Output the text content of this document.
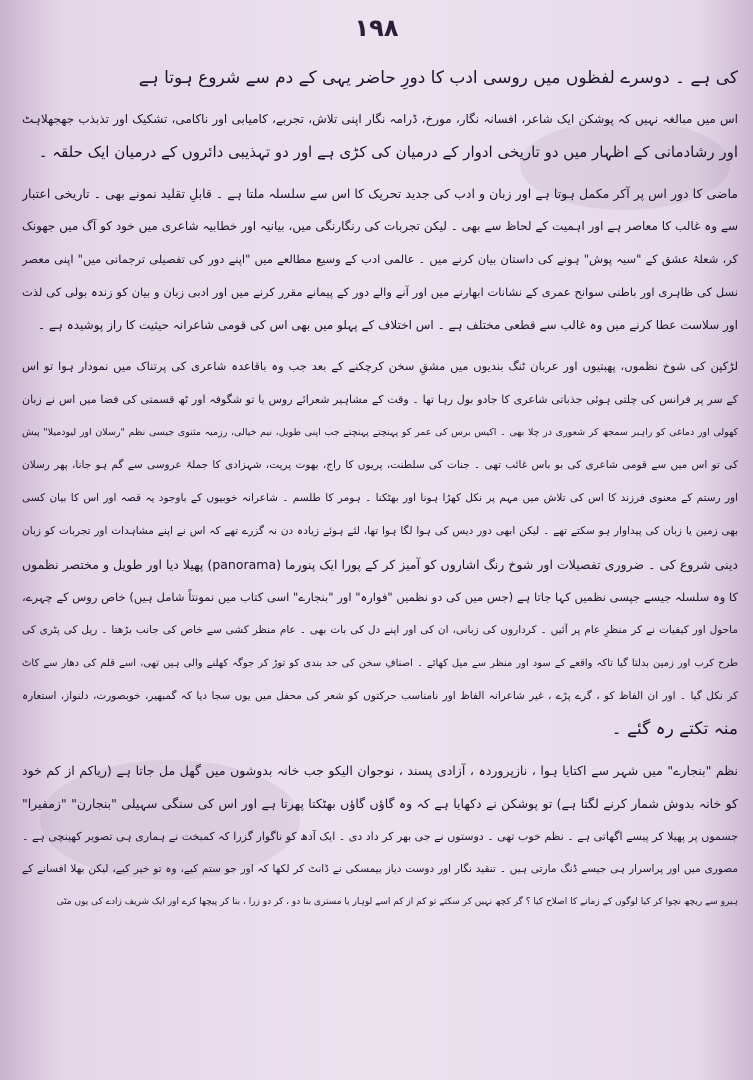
۱۹۸
کی ہے ۔ دوسرے لفظوں میں روسی ادب کا دورِ حاضر یہی کے دم سے شروع ہوتا ہے
اس میں مبالغہ نہیں کہ پوشکن ایک شاعر، افسانہ نگار، مورخ، ڈرامہ نگار اپنی تلاش، تجربے، کامیابی اور ناکامی، تشکیک اور تذبذب جھجھلاہٹ
اور رشادمانی کے اظہار میں دو تاریخی ادوار کے درمیان کی کڑی ہے اور دو تہذیبی دائروں کے درمیان ایک حلقہ ۔
ماضی کا دور اس پر آکر مکمل ہوتا ہے اور زبان و ادب کی جدید تحریک کا اس سے سلسلہ ملتا ہے ۔ قابلِ تقلید نمونے بھی ۔ تاریخی اعتبار
سے وہ غالب کا معاصر ہے اور اہمیت کے لحاظ سے بھی ۔ لیکن تجربات کی رنگارنگی میں، بیانیہ اور خطابیہ شاعری میں خود کو آگ میں جھونک
کر، شعلۂ عشق کے "سیہ پوش" ہونے کی داستان بیان کرنے میں ۔ عالمی ادب کے وسیع مطالعے میں "اپنے دور کی تفصیلی ترجمانی میں" اپنی معصر
نسل کی ظاہری اور باطنی سوانح عمری کے نشانات ابھارنے میں اور آنے والے دور کے پیمانے مقرر کرنے میں اور ادبی زبان و بیان کو زندہ بولی کی لذت
اور سلاست عطا کرنے میں وہ غالب سے قطعی مختلف ہے ۔ اس اختلاف کے پہلو میں بھی اس کی قومی شاعرانہ حیثیت کا راز پوشیدہ ہے ۔
لڑکپن کی شوخ نظموں، پھبتیوں اور عربان ٹنگ بندیوں میں مشقِ سخن کرچکنے کے بعد جب وہ باقاعدہ شاعری کی پرتناک میں نمودار ہوا تو اس
کے سر پر فرانس کی چلتی ہوئی جذباتی شاعری کا جادو بول رہا تھا ۔ وقت کے مشاہیر شعرائے روس یا تو شگوفہ اور ٹھ قسمتی کی فضا میں اس نے زبان
کھولی اور دماغی کو راہبر سمجھ کر شعوری در چلا بھی ۔ اکیس برس کی عمر کو پہنچتے پہنچتے جب اپنی طویل، نیم خیالی، رزمیہ مثنوی جیسی نظم "رسلان اور لیودمیلا" پیش
کی تو اس میں سے قومی شاعری کی بو باس غائب تھی ۔ جنات کی سلطنت، پریوں کا راج، بھوت پریت، شہزادی کا جملۂ عروسی سے گم ہو جانا، پھر رسلان
اور رستم کے معنوی فرزند کا اس کی تلاش میں مہم پر نکل کھڑا ہونا اور بھٹکنا ۔ ہومر کا طلسم ۔ شاعرانہ خوبیوں کے باوجود یہ قصہ اور اس کا بیان کسی
بھی زمین یا زبان کی پیداوار ہو سکتے تھے ۔ لیکن ابھی دور دیس کی ہوا لگا ہوا تھا، لئے ہوئے زیادہ دن نہ گزرے تھے کہ اس نے اپنے مشاہدات اور تجربات کو زبان
دینی شروع کی ۔ ضروری تفصیلات اور شوخ رنگ اشاروں کو آمیز کر کے پورا ایک پنورما (panorama) پھیلا دیا اور طویل و مختصر نظموں
کا وہ سلسلہ جیسے جپسی نظمیں کہا جاتا ہے (جس میں کی دو نظمیں "فوارہ" اور "بنجارے" اسی کتاب میں نمونتاً شامل ہیں) خاص روس کے چہرے،
ماحول اور کیفیات نے کر منظرِ عام پر آئیں ۔ کرداروں کی زبانی، ان کی اور اپنے دل کی بات بھی ۔ عام منظر کشی سے خاص کی جانب بڑھتا ۔ ریل کی پٹری کی
طرح کرب اور زمین بدلتا گیا تاکہ واقعے کے سود اور منظر سے میل کھائے ۔ اصنافِ سخن کی حد بندی کو توڑ کر جوگہ کھلنے والی ہیں تھی، اسے قلم کی دھار سے کاٹ
کر نکل گیا ۔ اور ان الفاظ کو ، گرے پڑے ، غیر شاعرانہ الفاظ اور نامناسب حرکتوں کو شعر کی محفل میں یوں سجا دیا کہ گمبھیر، خوبصورت، دلنواز، استعارہ
منہ تکتے رہ گئے ۔
نظم "بنجارے" میں شہر سے اکتایا ہوا ، نازپروردہ ، آزادی پسند ، نوجوان الیکو جب خانہ بدوشوں میں گھل مل جاتا ہے (ریاکم از کم خود
کو خانہ بدوش شمار کرنے لگتا ہے) تو پوشکن نے دکھایا ہے کہ وہ گاؤں گاؤں بھٹکتا پھرتا ہے اور اس کی سنگی سہیلی "بنجارن" "زمفیرا"
جسموں پر پھیلا کر پیسے اگھاتی ہے ۔ نظم خوب تھی ۔ دوستوں نے جی بھر کر داد دی ۔ ایک آدھ کو ناگوار گزرا کہ کمبخت نے ہماری ہی تصویر کھینچی ہے ۔
مصوری میں اور پراسرار ہی جیسے ڈنگ مارتی ہیں ۔ تنقید نگار اور دوست دیاز بیمسکی نے ڈانٹ کر لکھا کہ اور جو ستم کیے، وہ تو خیر کیے، لیکن بھلا افسانے کے
ہیرو سے ریچھ نچوا کر کیا لوگوں کے زمانے کا اصلاح کیا ؟ گر کچھ نہیں کر سکتے تو کم از کم اسے لوہار یا مستری بنا دو ، کر دو زرا ، بنا کر پیچھا کرے اور ایک شریف زادے کی یوں مٹی
